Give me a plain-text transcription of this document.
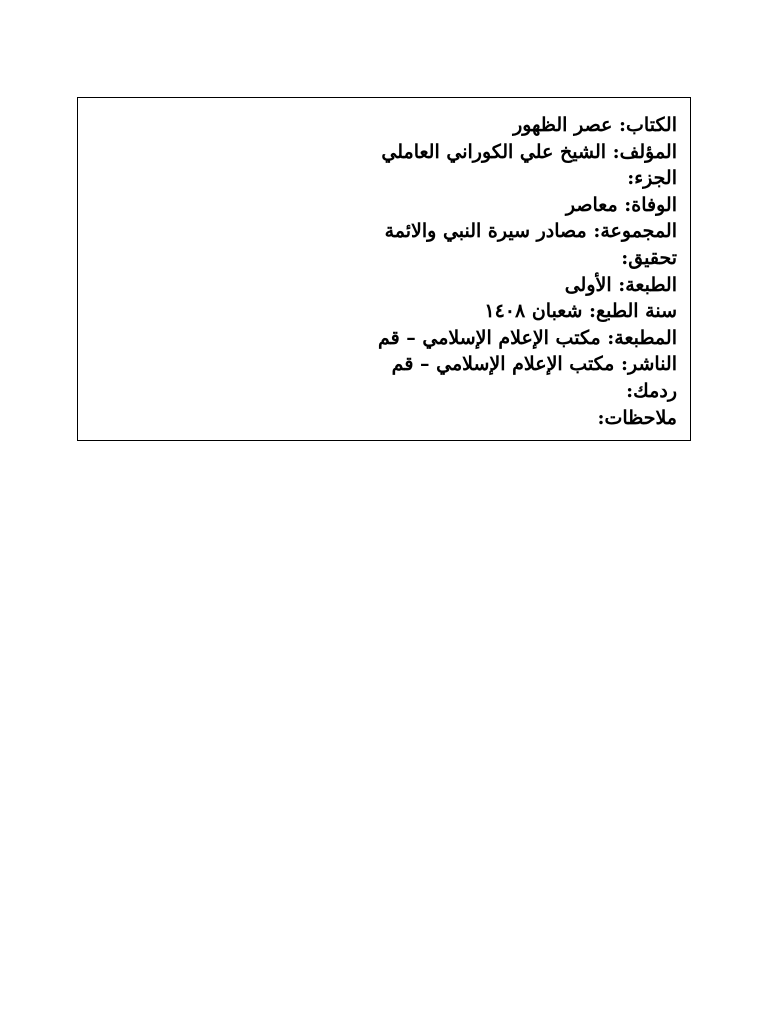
الكتاب: عصر الظهور
المؤلف: الشيخ علي الكوراني العاملي
الجزء:
الوفاة: معاصر
المجموعة: مصادر سيرة النبي والائمة
تحقيق:
الطبعة: الأولى
سنة الطبع: شعبان ١٤٠٨
المطبعة: مكتب الإعلام الإسلامي – قم
الناشر: مكتب الإعلام الإسلامي – قم
ردمك:
ملاحظات:
